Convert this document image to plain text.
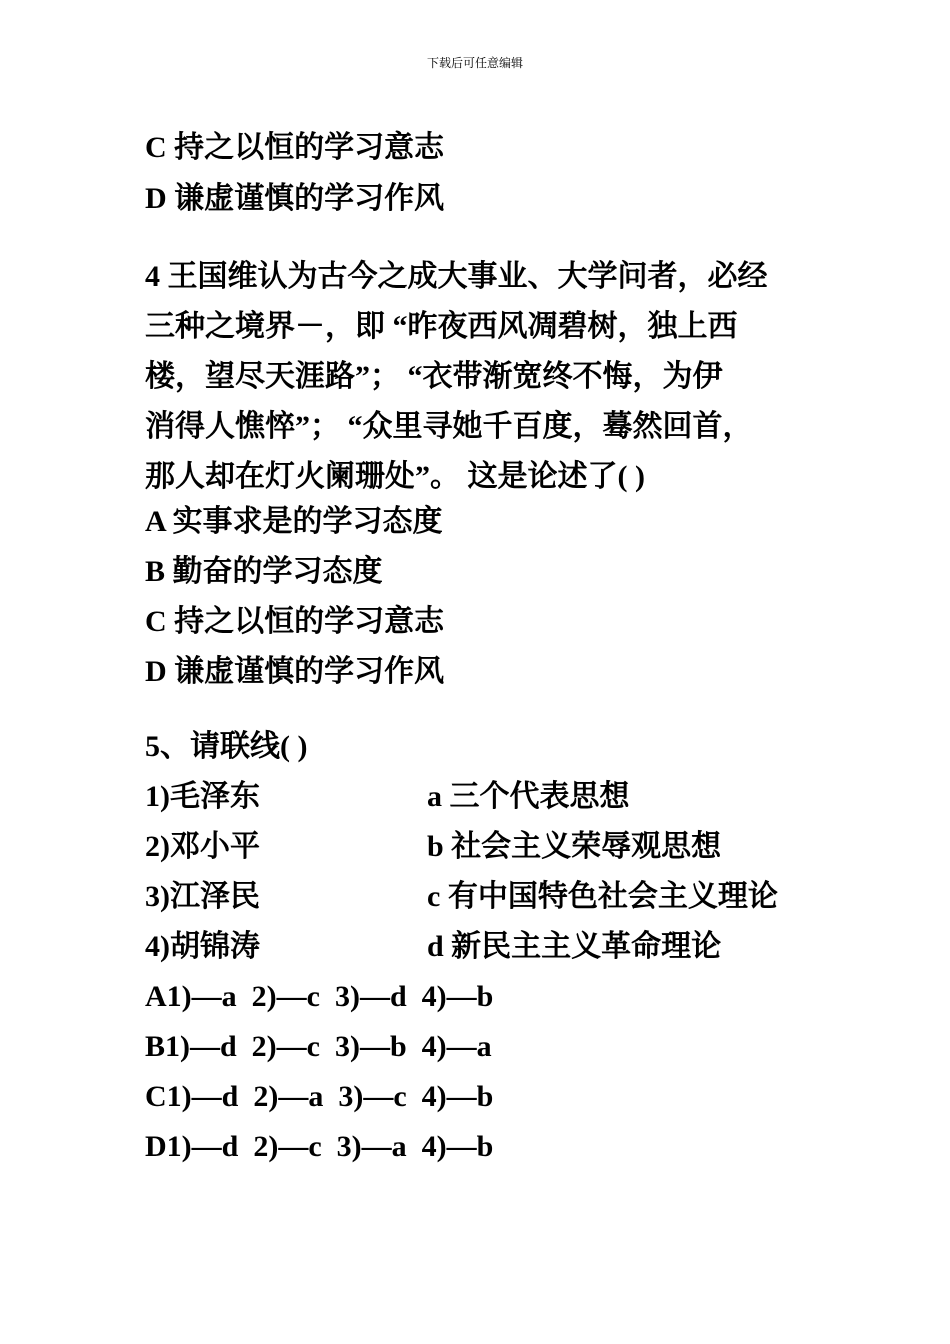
下载后可任意编辑
C 持之以恒的学习意志
D 谦虚谨慎的学习作风
4 王国维认为古今之成大事业、大学问者，必经
三种之境界－，即 “昨夜西风凋碧树，独上西
楼，望尽天涯路”； “衣带渐宽终不悔，为伊
消得人憔悴”； “众里寻她千百度，蓦然回首，
那人却在灯火阑珊处”。 这是论述了( )
A 实事求是的学习态度
B 勤奋的学习态度
C 持之以恒的学习意志
D 谦虚谨慎的学习作风
5、请联线( )
1)毛泽东	a 三个代表思想
2)邓小平	b 社会主义荣辱观思想
3)江泽民	c 有中国特色社会主义理论
4)胡锦涛	d 新民主主义革命理论
A1)—a  2)—c  3)—d  4)—b
B1)—d  2)—c  3)—b  4)—a
C1)—d  2)—a  3)—c  4)—b
D1)—d  2)—c  3)—a  4)—b
